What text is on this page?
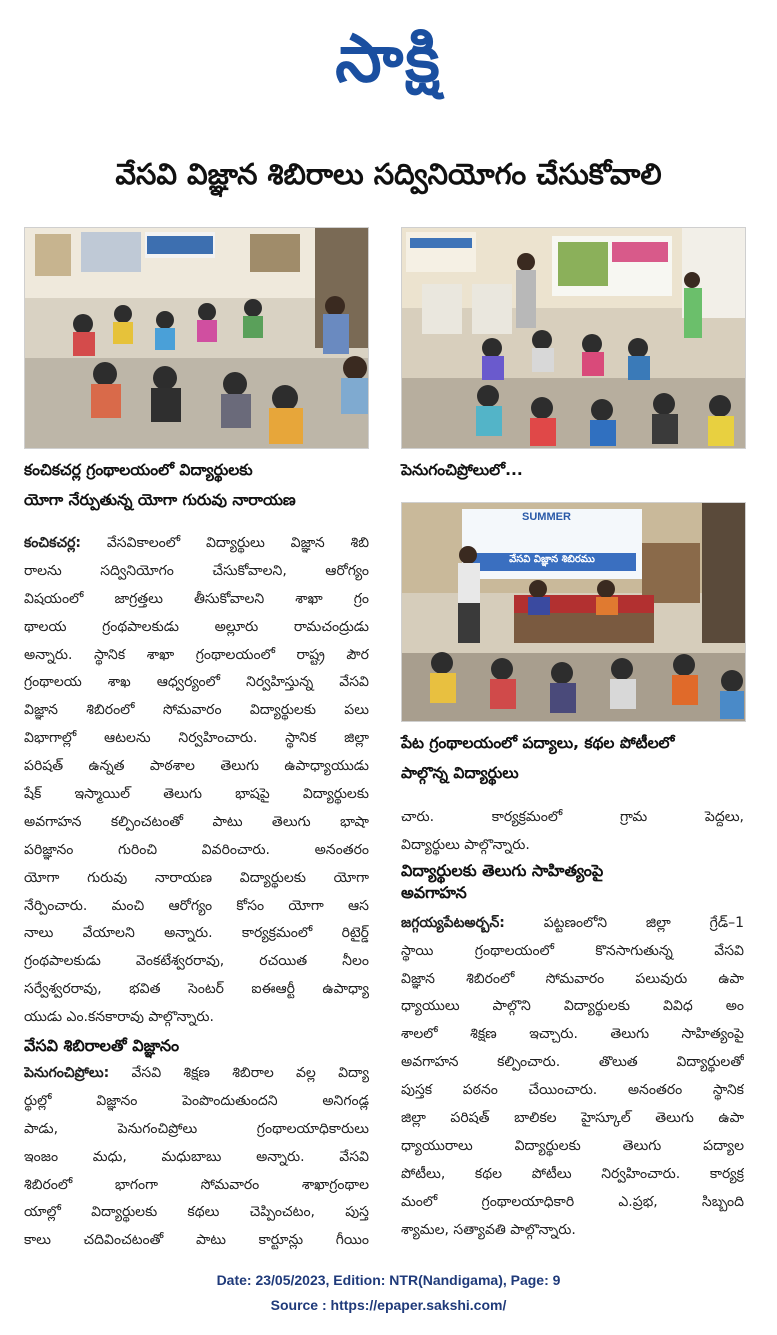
సాక్షి
వేసవి విజ్ఞాన శిబిరాలు సద్వినియోగం చేసుకోవాలి
SUMMER
వేసవి విజ్ఞాన శిబిరము
కంచికచర్ల గ్రంథాలయంలో విద్యార్థులకు
యోగా నేర్పుతున్న యోగా గురువు నారాయణ
పెనుగంచిప్రోలులో...
పేట గ్రంథాలయంలో పద్యాలు, కథల పోటీలలో
పాల్గొన్న విద్యార్థులు
కంచికచర్ల: వేసవికాలంలో విద్యార్థులు విజ్ఞాన శిబి
రాలను సద్వినియోగం చేసుకోవాలని, ఆరోగ్యం
విషయంలో జాగ్రత్తలు తీసుకోవాలని శాఖా గ్రం
థాలయ గ్రంథపాలకుడు అల్లూరు రామచంద్రుడు
అన్నారు. స్థానిక శాఖా గ్రంథాలయంలో రాష్ట్ర పౌర
గ్రంథాలయ శాఖ ఆధ్వర్యంలో నిర్వహిస్తున్న వేసవి
విజ్ఞాన శిబిరంలో సోమవారం విద్యార్థులకు పలు
విభాగాల్లో ఆటలను నిర్వహించారు. స్థానిక జిల్లా
పరిషత్ ఉన్నత పాఠశాల తెలుగు ఉపాధ్యాయుడు
షేక్ ఇస్మాయిల్ తెలుగు భాషపై విద్యార్థులకు
అవగాహన కల్పించటంతో పాటు తెలుగు భాషా
పరిజ్ఞానం గురించి వివరించారు. అనంతరం
యోగా గురువు నారాయణ విద్యార్థులకు యోగా
నేర్పించారు. మంచి ఆరోగ్యం కోసం యోగా ఆస
నాలు వేయాలని అన్నారు. కార్యక్రమంలో రిటైర్డ్
గ్రంథపాలకుడు వెంకటేశ్వరరావు, రచయిత నీలం
సర్వేశ్వరరావు, భవిత సెంటర్ ఐఈఆర్టీ ఉపాధ్యా
యుడు ఎం.కనకారావు పాల్గొన్నారు.
వేసవి శిబిరాలతో విజ్ఞానం
పెనుగంచిప్రోలు: వేసవి శిక్షణ శిబిరాల వల్ల విద్యా
ర్థుల్లో విజ్ఞానం పెంపొందుతుందని అనిగండ్ల
పాడు, పెనుగంచిప్రోలు గ్రంథాలయాధికారులు
ఇంజం మధు, మధుబాబు అన్నారు. వేసవి
శిబిరంలో భాగంగా సోమవారం శాఖాగ్రంథాల
యాల్లో విద్యార్థులకు కథలు చెప్పించటం, పుస్త
కాలు చదివించటంతో పాటు కార్టూన్లు గీయిం
చారు. కార్యక్రమంలో గ్రామ పెద్దలు,
విద్యార్థులు పాల్గొన్నారు.
విద్యార్థులకు తెలుగు సాహిత్యంపై
అవగాహన
జగ్గయ్యపేటఅర్బన్: పట్టణంలోని జిల్లా గ్రేడ్–1
స్థాయి గ్రంథాలయంలో కొనసాగుతున్న వేసవి
విజ్ఞాన శిబిరంలో సోమవారం పలువురు ఉపా
ధ్యాయులు పాల్గొని విద్యార్థులకు వివిధ అం
శాలలో శిక్షణ ఇచ్చారు. తెలుగు సాహిత్యంపై
అవగాహన కల్పించారు. తొలుత విద్యార్థులతో
పుస్తక పఠనం చేయించారు. అనంతరం స్థానిక
జిల్లా పరిషత్ బాలికల హైస్కూల్ తెలుగు ఉపా
ధ్యాయురాలు విద్యార్థులకు తెలుగు పద్యాల
పోటీలు, కథల పోటీలు నిర్వహించారు. కార్యక్ర
మంలో గ్రంథాలయాధికారి ఎ.ప్రభ, సిబ్బంది
శ్యామల, సత్యావతి పాల్గొన్నారు.
Date: 23/05/2023, Edition: NTR(Nandigama), Page: 9
Source : https://epaper.sakshi.com/
